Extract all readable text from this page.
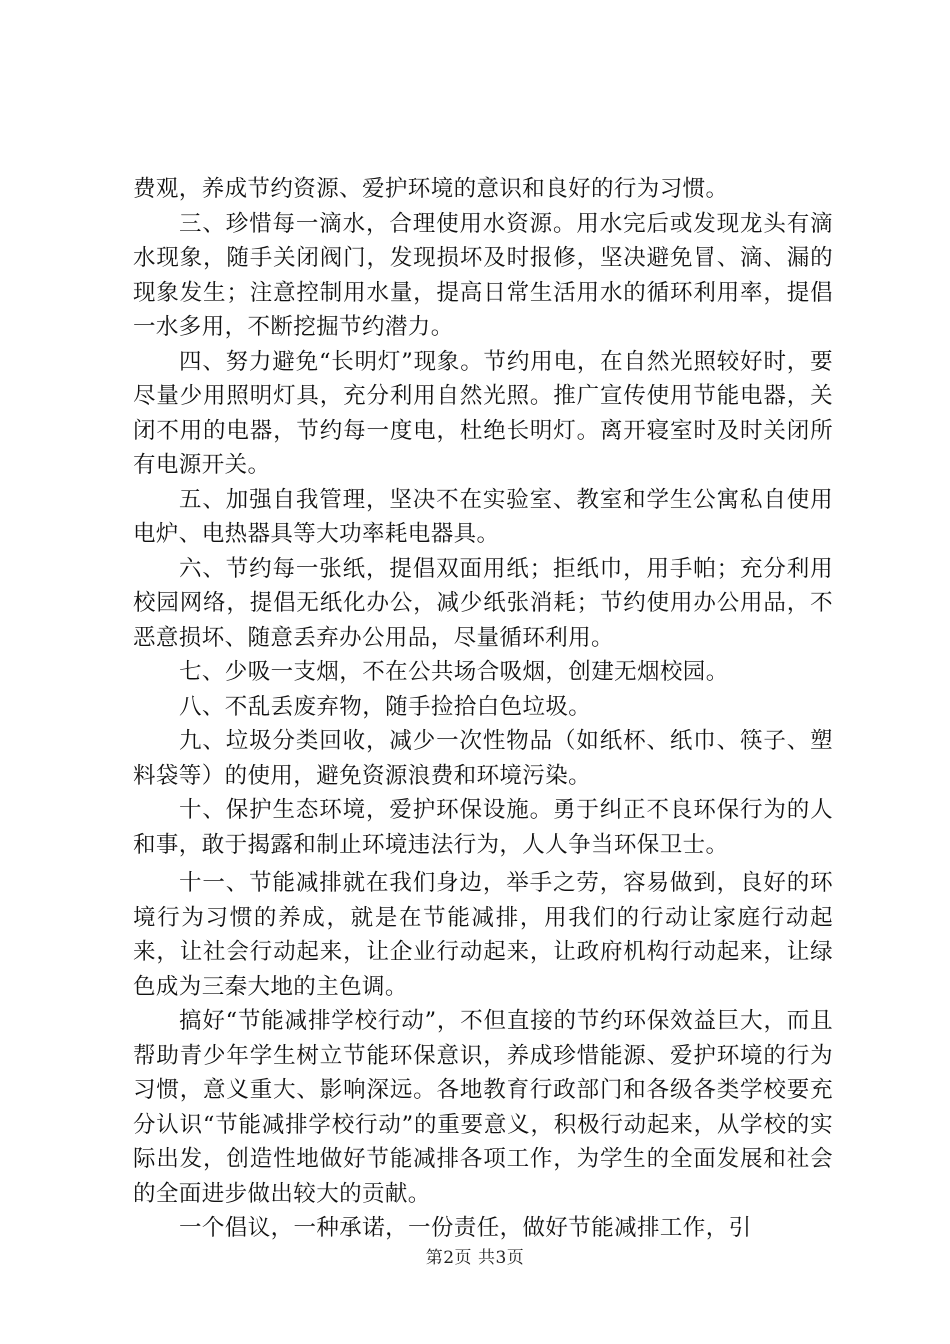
费观，养成节约资源、爱护环境的意识和良好的行为习惯。

三、珍惜每一滴水，合理使用水资源。用水完后或发现龙头有滴水现象，随手关闭阀门，发现损坏及时报修，坚决避免冒、滴、漏的现象发生；注意控制用水量，提高日常生活用水的循环利用率，提倡一水多用，不断挖掘节约潜力。

四、努力避免“长明灯”现象。节约用电，在自然光照较好时，要尽量少用照明灯具，充分利用自然光照。推广宣传使用节能电器，关闭不用的电器，节约每一度电，杜绝长明灯。离开寝室时及时关闭所有电源开关。

五、加强自我管理，坚决不在实验室、教室和学生公寓私自使用电炉、电热器具等大功率耗电器具。

六、节约每一张纸，提倡双面用纸；拒纸巾，用手帕；充分利用校园网络，提倡无纸化办公，减少纸张消耗；节约使用办公用品，不恶意损坏、随意丢弃办公用品，尽量循环利用。

七、少吸一支烟，不在公共场合吸烟，创建无烟校园。

八、不乱丢废弃物，随手捡拾白色垃圾。

九、垃圾分类回收，减少一次性物品（如纸杯、纸巾、筷子、塑料袋等）的使用，避免资源浪费和环境污染。

十、保护生态环境，爱护环保设施。勇于纠正不良环保行为的人和事，敢于揭露和制止环境违法行为，人人争当环保卫士。

十一、节能减排就在我们身边，举手之劳，容易做到，良好的环境行为习惯的养成，就是在节能减排，用我们的行动让家庭行动起来，让社会行动起来，让企业行动起来，让政府机构行动起来，让绿色成为三秦大地的主色调。

搞好“节能减排学校行动”，不但直接的节约环保效益巨大，而且帮助青少年学生树立节能环保意识，养成珍惜能源、爱护环境的行为习惯，意义重大、影响深远。各地教育行政部门和各级各类学校要充分认识“节能减排学校行动”的重要意义，积极行动起来，从学校的实际出发，创造性地做好节能减排各项工作，为学生的全面发展和社会的全面进步做出较大的贡献。

一个倡议，一种承诺，一份责任，做好节能减排工作，引

第2页 共3页
